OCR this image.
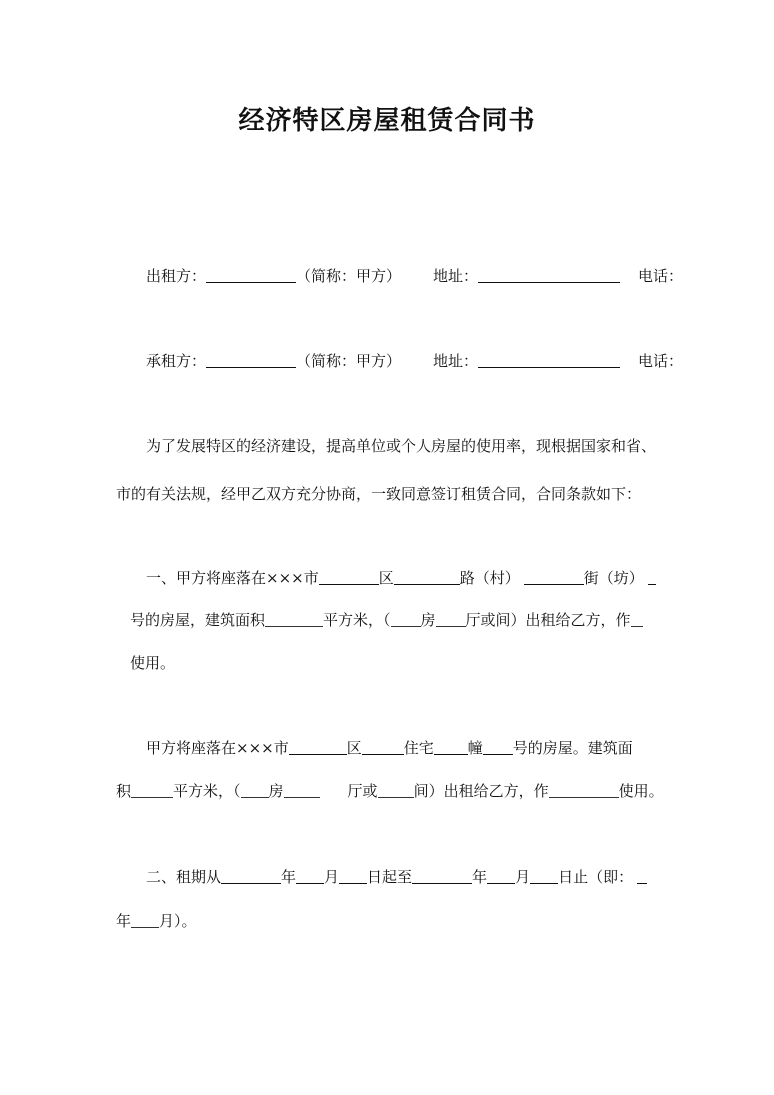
经济特区房屋租赁合同书
出租方：	（简称：甲方） 地址：	电话：
承租方：	（简称：甲方） 地址：	电话：
为了发展特区的经济建设，提高单位或个人房屋的使用率，现根据国家和省、
市的有关法规，经甲乙双方充分协商，一致同意签订租赁合同，合同条款如下：
一、甲方将座落在×××市	区	路（村）	街（坊）
号的房屋，建筑面积	平方米，（ 房 厅或间）出租给乙方，作
使用。
甲方将座落在×××市	区	住宅 幢 号的房屋。建筑面
积	平方米，（ 房	厅或 间）出租给乙方，作	使用。
二、租期从	年 月 日起至	年 月 日止（即：
年 月）。
